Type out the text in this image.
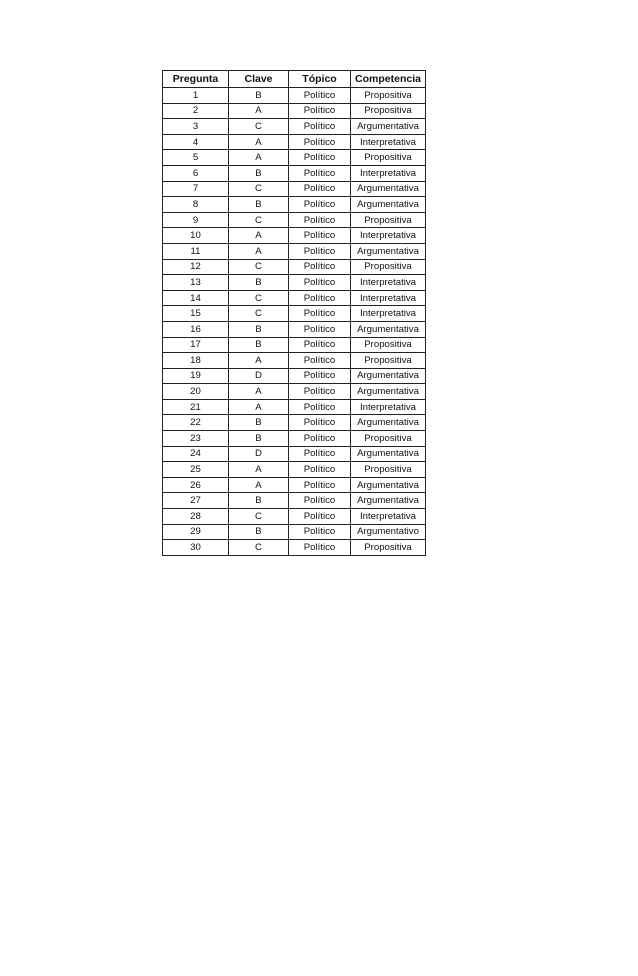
Pregunta	Clave	Tópico	Competencia
1	B	Político	Propositiva
2	A	Político	Propositiva
3	C	Político	Argumentativa
4	A	Político	Interpretativa
5	A	Político	Propositiva
6	B	Político	Interpretativa
7	C	Político	Argumentativa
8	B	Político	Argumentativa
9	C	Político	Propositiva
10	A	Político	Interpretativa
11	A	Político	Argumentativa
12	C	Político	Propositiva
13	B	Político	Interpretativa
14	C	Político	Interpretativa
15	C	Político	Interpretativa
16	B	Político	Argumentativa
17	B	Político	Propositiva
18	A	Político	Propositiva
19	D	Político	Argumentativa
20	A	Político	Argumentativa
21	A	Político	Interpretativa
22	B	Político	Argumentativa
23	B	Político	Propositiva
24	D	Político	Argumentativa
25	A	Político	Propositiva
26	A	Político	Argumentativa
27	B	Político	Argumentativa
28	C	Político	Interpretativa
29	B	Político	Argumentativo
30	C	Político	Propositiva
